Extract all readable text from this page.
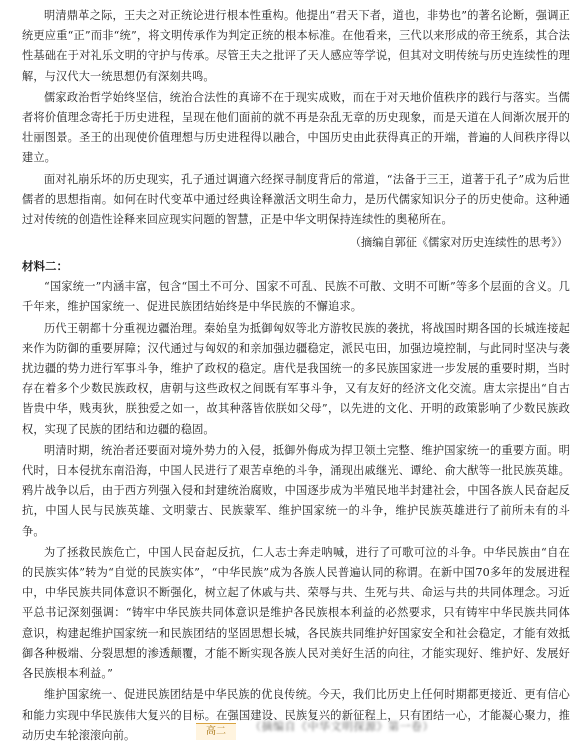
明清鼎革之际，王夫之对正统论进行根本性重构。他提出“君天下者，道也，非势也”的著名论断，强调正统更应重“正”而非“统”，将文明传承作为判定正统的根本标准。在他看来，三代以来形成的帝王统系，其合法性基础在于对礼乐文明的守护与传承。尽管王夫之批评了天人感应等学说，但其对文明传统与历史连续性的理解，与汉代大一统思想仍有深刻共鸣。

儒家政治哲学始终坚信，统治合法性的真谛不在于现实成败，而在于对天地价值秩序的践行与落实。当儒者将价值理念寄托于历史进程，呈现在他们面前的就不再是杂乱无章的历史现象，而是天道在人间渐次展开的壮丽图景。圣王的出现使价值理想与历史进程得以融合，中国历史由此获得真正的开端，普遍的人间秩序得以建立。

面对礼崩乐坏的历史现实，孔子通过调適六经探寻制度背后的常道，“法备于三王，道著于孔子”成为后世儒者的思想指南。如何在时代变革中通过经典诠释激活文明生命力，是历代儒家知识分子的历史使命。这种通过对传统的创造性诠释来回应现实问题的智慧，正是中华文明保持连续性的奥秘所在。

（摘编自郭征《儒家对历史连续性的思考》）
材料二：

“国家统一”内涵丰富，包含“国土不可分、国家不可乱、民族不可散、文明不可断”等多个层面的含义。几千年来，维护国家统一、促进民族团结始终是中华民族的不懈追求。

历代王朝都十分重视边疆治理。秦始皇为抵御匈奴等北方游牧民族的袭扰，将战国时期各国的长城连接起来作为防御的重要屏障；汉代通过与匈奴的和亲加强边疆稳定，派民屯田，加强边境控制，与此同时坚决与袭扰边疆的势力进行军事斗争，维护了政权的稳定。唐代是我国统一的多民族国家进一步发展的重要时期，当时存在着多个少数民族政权，唐朝与这些政权之间既有军事斗争，又有友好的经济文化交流。唐太宗提出“自古皆贵中华，贱夷狄，朕独爱之如一，故其种落皆依朕如父母”，以先进的文化、开明的政策影响了少数民族政权，实现了民族的团结和边疆的稳固。

明清时期，统治者还要面对境外势力的入侵，抵御外侮成为捍卫领土完整、维护国家统一的重要方面。明代时，日本侵扰东南沿海，中国人民进行了艰苦卓绝的斗争，涌现出戚继光、谭纶、俞大猷等一批民族英雄。鸦片战争以后，由于西方列强入侵和封建统治腐败，中国逐步成为半殖民地半封建社会，中国各族人民奋起反抗，中国人民与民族英雄、文明蒙古、民族蒙军、维护国家统一的斗争，维护民族英雄进行了前所未有的斗争。

为了拯救民族危亡，中国人民奋起反抗，仁人志士奔走呐喊，进行了可歌可泣的斗争。中华民族由“自在的民族实体”转为“自觉的民族实体”，“中华民族”成为各族人民普遍认同的称谓。在新中国70多年的发展进程中，中华民族共同体意识不断强化，树立起了休戚与共、荣辱与共、生死与共、命运与共的共同体理念。习近平总书记深刻强调：“铸牢中华民族共同体意识是维护各民族根本利益的必然要求，只有铸牢中华民族共同体意识，构建起维护国家统一和民族团结的坚固思想长城，各民族共同维护好国家安全和社会稳定，才能有效抵御各种极端、分裂思想的渗透颠覆，才能不断实现各族人民对美好生活的向往，才能实现好、维护好、发展好各民族根本利益。”

维护国家统一、促进民族团结是中华民族的优良传统。今天，我们比历史上任何时期都更接近、更有信心和能力实现中华民族伟大复兴的目标。在强国建设、民族复兴的新征程上，只有团结一心，才能凝心聚力，推动历史车轮滚滚向前。

（摘编自《中华文明探源》第一卷）
高二
